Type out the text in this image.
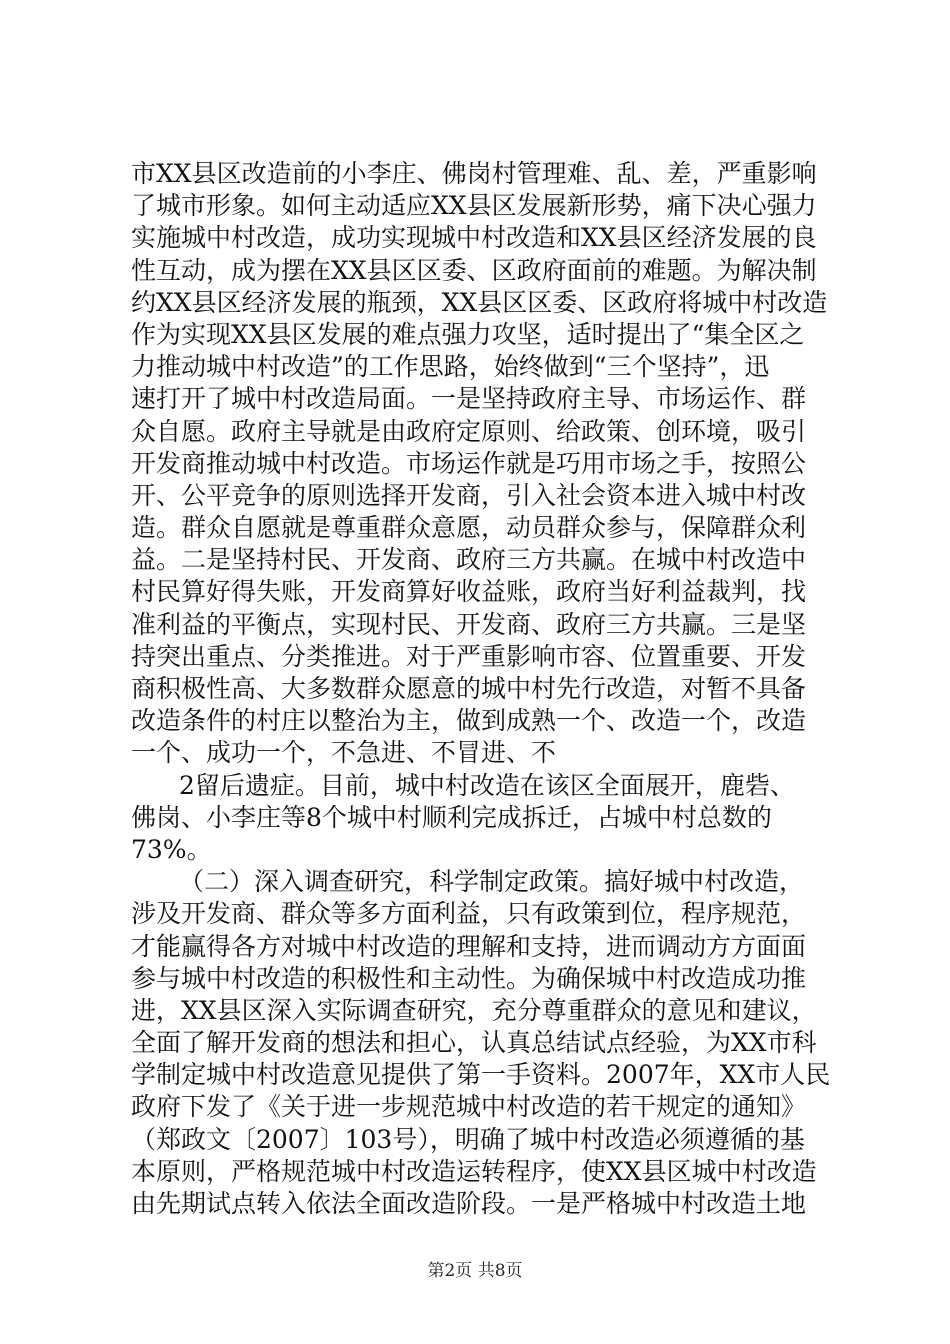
市XX县区改造前的小李庄、佛岗村管理难、乱、差，严重影响
了城市形象。如何主动适应XX县区发展新形势，痛下决心强力
实施城中村改造，成功实现城中村改造和XX县区经济发展的良
性互动，成为摆在XX县区区委、区政府面前的难题。为解决制
约XX县区经济发展的瓶颈，XX县区区委、区政府将城中村改造
作为实现XX县区发展的难点强力攻坚，适时提出了“集全区之
力推动城中村改造”的工作思路，始终做到“三个坚持”，迅
速打开了城中村改造局面。一是坚持政府主导、市场运作、群
众自愿。政府主导就是由政府定原则、给政策、创环境，吸引
开发商推动城中村改造。市场运作就是巧用市场之手，按照公
开、公平竞争的原则选择开发商，引入社会资本进入城中村改
造。群众自愿就是尊重群众意愿，动员群众参与，保障群众利
益。二是坚持村民、开发商、政府三方共赢。在城中村改造中
村民算好得失账，开发商算好收益账，政府当好利益裁判，找
准利益的平衡点，实现村民、开发商、政府三方共赢。三是坚
持突出重点、分类推进。对于严重影响市容、位置重要、开发
商积极性高、大多数群众愿意的城中村先行改造，对暂不具备
改造条件的村庄以整治为主，做到成熟一个、改造一个，改造
一个、成功一个，不急进、不冒进、不
2留后遗症。目前，城中村改造在该区全面展开，鹿砦、
佛岗、小李庄等8个城中村顺利完成拆迁，占城中村总数的
73%。
（二）深入调查研究，科学制定政策。搞好城中村改造，
涉及开发商、群众等多方面利益，只有政策到位，程序规范，
才能赢得各方对城中村改造的理解和支持，进而调动方方面面
参与城中村改造的积极性和主动性。为确保城中村改造成功推
进，XX县区深入实际调查研究，充分尊重群众的意见和建议，
全面了解开发商的想法和担心，认真总结试点经验，为XX市科
学制定城中村改造意见提供了第一手资料。2007年，XX市人民
政府下发了《关于进一步规范城中村改造的若干规定的通知》
（郑政文〔2007〕103号），明确了城中村改造必须遵循的基
本原则，严格规范城中村改造运转程序，使XX县区城中村改造
由先期试点转入依法全面改造阶段。一是严格城中村改造土地
第2页 共8页
